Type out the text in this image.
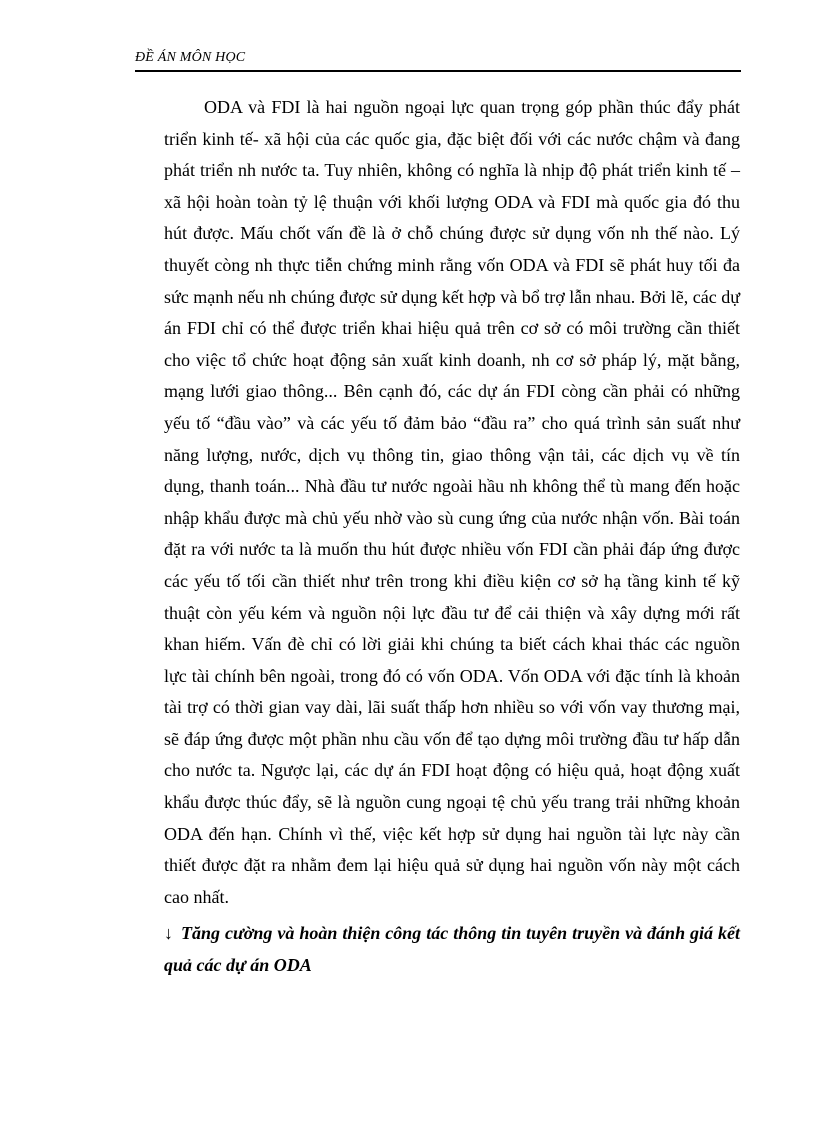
ĐỀ ÁN MÔN HỌC

ODA và FDI là hai nguồn ngoại lực quan trọng góp phần thúc đẩy phát triển kinh tế- xã hội của các quốc gia, đặc biệt đối với các nước chậm và đang phát triển nh nước ta. Tuy nhiên, không có nghĩa là nhịp độ phát triển kinh tế –xã hội hoàn toàn tỷ lệ thuận với khối lượng ODA và FDI mà quốc gia đó thu hút được. Mấu chốt vấn đề là ở chỗ chúng được sử dụng vốn nh thế nào. Lý thuyết còng nh thực tiễn chứng minh rằng vốn ODA và FDI sẽ phát huy tối đa sức mạnh nếu nh chúng được sử dụng kết hợp và bổ trợ lẫn nhau. Bởi lẽ, các dự án FDI chỉ có thể được triển khai hiệu quả trên cơ sở có môi trường cần thiết cho việc tổ chức hoạt động sản xuất kinh doanh, nh cơ sở pháp lý, mặt bằng, mạng lưới giao thông... Bên cạnh đó, các dự án FDI còng cần phải có những yếu tố “đầu vào” và các yếu tố đảm bảo “đầu ra” cho quá trình sản suất như năng lượng, nước, dịch vụ thông tin, giao thông vận tải, các dịch vụ về tín dụng, thanh toán... Nhà đầu tư nước ngoài hầu nh không thể tù mang đến hoặc nhập khẩu được mà chủ yếu nhờ vào sù cung ứng của nước nhận vốn. Bài toán đặt ra với nước ta là muốn thu hút được nhiều vốn FDI cần phải đáp ứng được các yếu tố tối cần thiết như trên trong khi điều kiện cơ sở hạ tầng kinh tế kỹ thuật còn yếu kém và nguồn nội lực đầu tư để cải thiện và xây dựng mới rất khan hiếm. Vấn đè chỉ có lời giải khi chúng ta biết cách khai thác các nguồn lực tài chính bên ngoài, trong đó có vốn ODA. Vốn ODA với đặc tính là khoản tài trợ có thời gian vay dài, lãi suất thấp hơn nhiều so với vốn vay thương mại, sẽ đáp ứng được một phần nhu cầu vốn để tạo dựng môi trường đầu tư hấp dẫn cho nước ta. Ngược lại, các dự án FDI hoạt động có hiệu quả, hoạt động xuất khẩu được thúc đẩy, sẽ là nguồn cung ngoại tệ chủ yếu trang trải những khoản ODA đến hạn. Chính vì thế, việc kết hợp sử dụng hai nguồn tài lực này cần thiết được đặt ra nhằm đem lại hiệu quả sử dụng hai nguồn vốn này một cách cao nhất.

↓ Tăng cường và hoàn thiện công tác thông tin tuyên truyền và đánh giá kết quả các dự án ODA
